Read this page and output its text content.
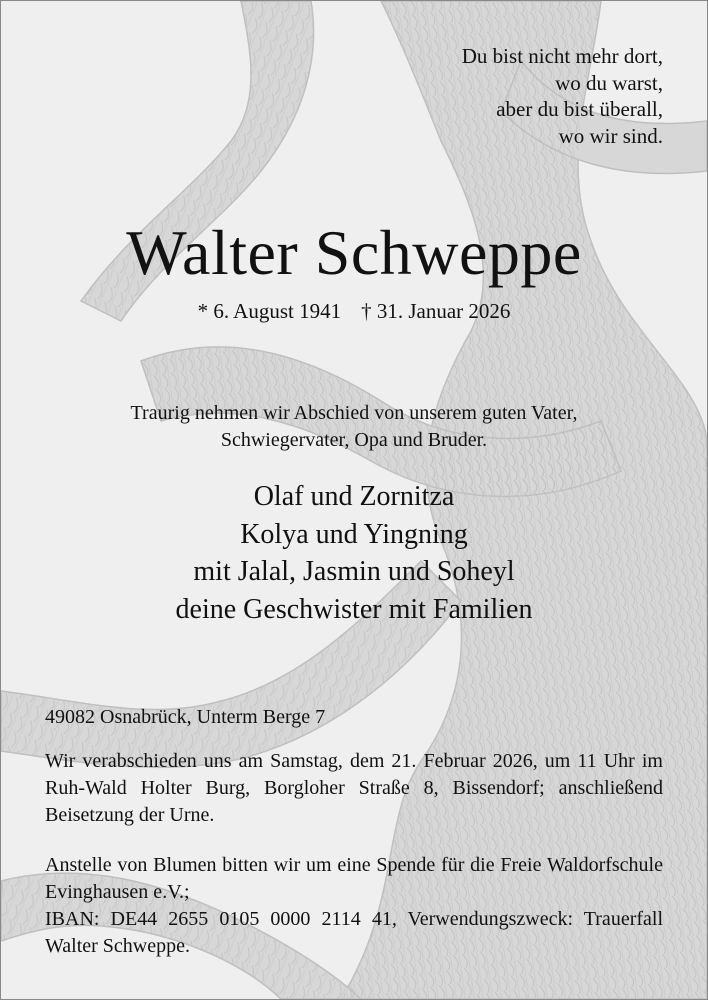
Du bist nicht mehr dort,
wo du warst,
aber du bist überall,
wo wir sind.
Walter Schweppe
* 6. August 1941 † 31. Januar 2026
Traurig nehmen wir Abschied von unserem guten Vater,
Schwiegervater, Opa und Bruder.
Olaf und Zornitza
Kolya und Yingning
mit Jalal, Jasmin und Soheyl
deine Geschwister mit Familien
49082 Osnabrück, Unterm Berge 7
Wir verabschieden uns am Samstag, dem 21. Februar 2026, um 11 Uhr im Ruh-Wald Holter Burg, Borgloher Straße 8, Bissendorf; anschließend Beisetzung der Urne.
Anstelle von Blumen bitten wir um eine Spende für die Freie Waldorfschule Evinghausen e.V.;
IBAN: DE44 2655 0105 0000 2114 41, Verwendungszweck: Trauerfall Walter Schweppe.
